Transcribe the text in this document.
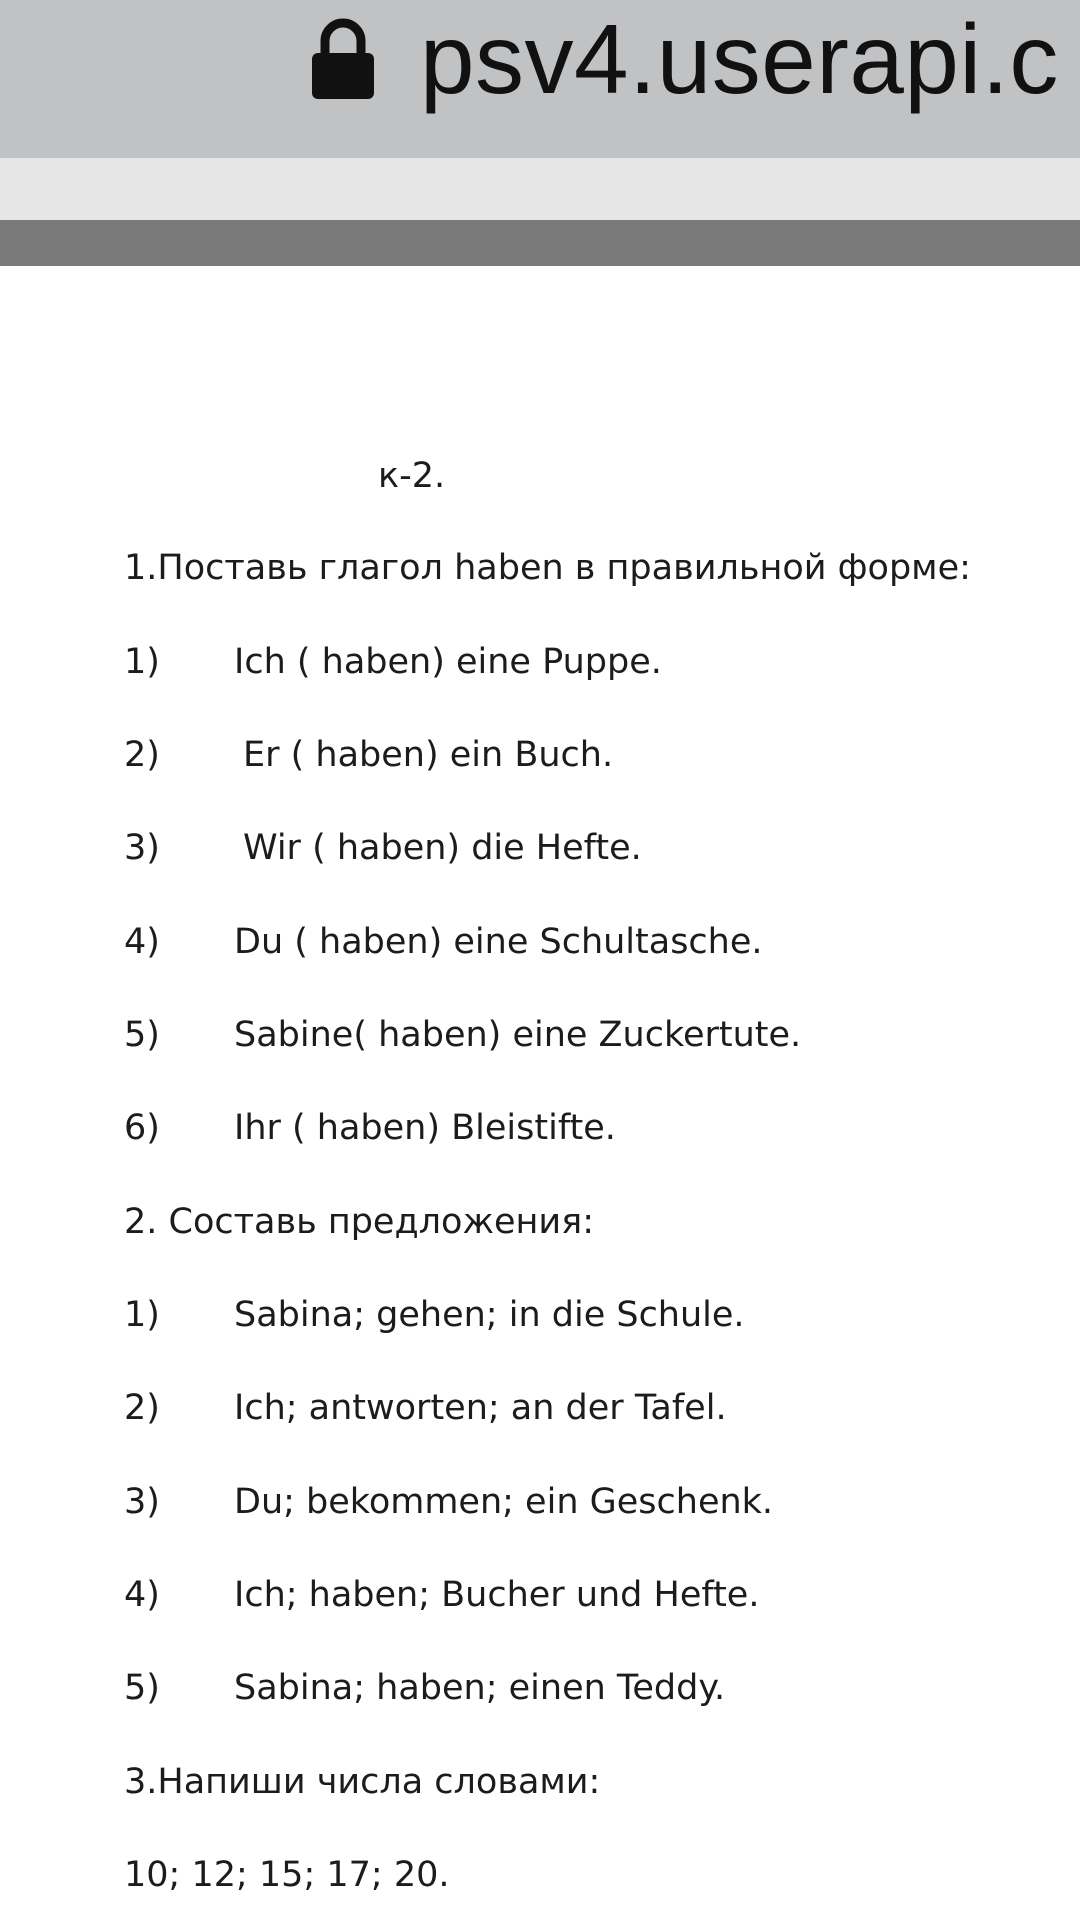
psv4.userapi.c
к-2.
1.Поставь глагол haben в правильной форме:
1) Ich ( haben) eine Puppe.
2) Er ( haben) ein Buch.
3) Wir ( haben) die Hefte.
4) Du ( haben) eine Schultasche.
5) Sabine( haben) eine Zuckertute.
6) Ihr ( haben) Bleistifte.
2. Составь предложения:
1) Sabina; gehen; in die Schule.
2) Ich; antworten; an der Tafel.
3) Du; bekommen; ein Geschenk.
4) Ich; haben; Bucher und Hefte.
5) Sabina; haben; einen Teddy.
3.Напиши числа словами:
10; 12; 15; 17; 20.
